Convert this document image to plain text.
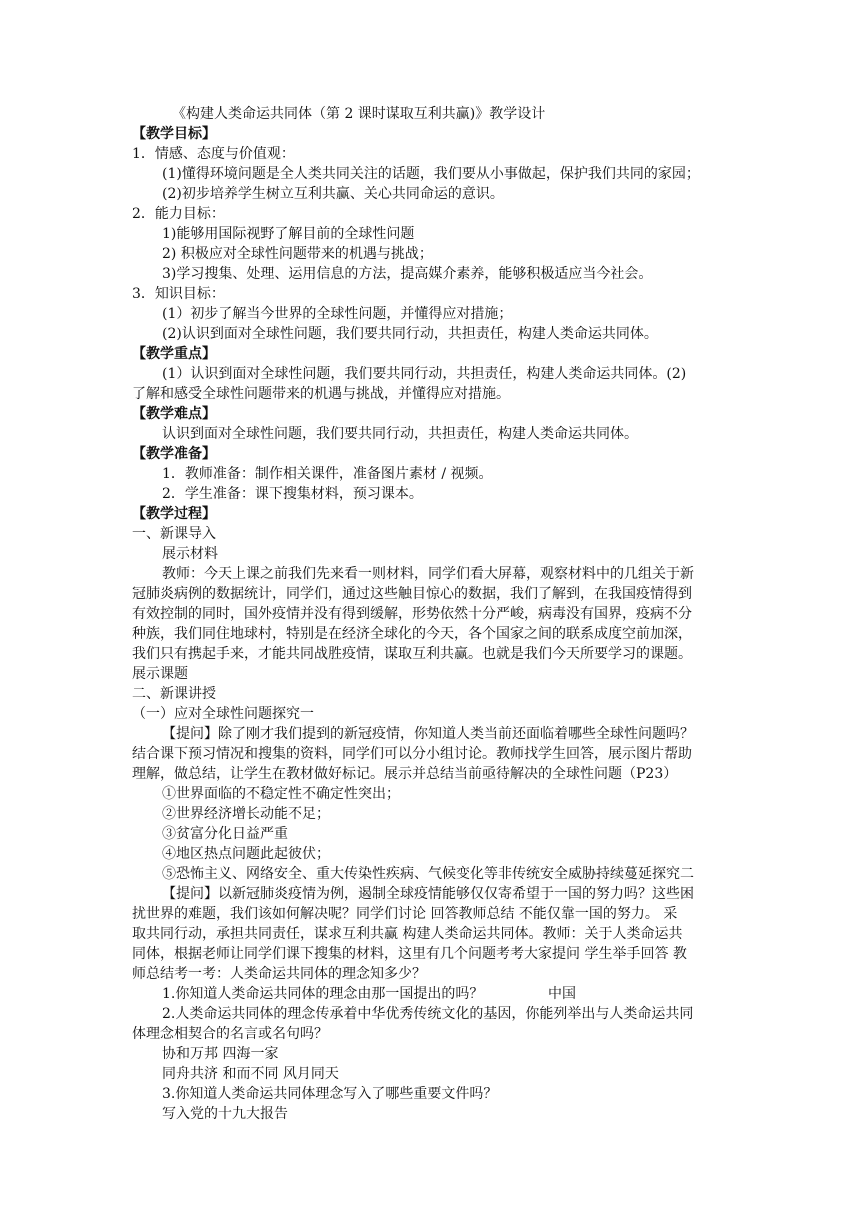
《构建人类命运共同体（第 2 课时谋取互利共赢)》教学设计
【教学目标】
1．情感、态度与价值观：
(1)懂得环境问题是全人类共同关注的话题，我们要从小事做起，保护我们共同的家园；
(2)初步培养学生树立互利共赢、关心共同命运的意识。
2．能力目标：
1)能够用国际视野了解目前的全球性问题
2) 积极应对全球性问题带来的机遇与挑战；
3)学习搜集、处理、运用信息的方法，提高媒介素养，能够积极适应当今社会。
3．知识目标：
(1）初步了解当今世界的全球性问题，并懂得应对措施；
(2)认识到面对全球性问题，我们要共同行动，共担责任，构建人类命运共同体。
【教学重点】
(1）认识到面对全球性问题，我们要共同行动，共担责任，构建人类命运共同体。(2)
了解和感受全球性问题带来的机遇与挑战，并懂得应对措施。
【教学难点】
认识到面对全球性问题，我们要共同行动，共担责任，构建人类命运共同体。
【教学准备】
1．教师准备：制作相关课件，准备图片素材 / 视频。
2．学生准备：课下搜集材料，预习课本。
【教学过程】
一、新课导入
展示材料
教师：今天上课之前我们先来看一则材料，同学们看大屏幕，观察材料中的几组关于新
冠肺炎病例的数据统计，同学们，通过这些触目惊心的数据，我们了解到，在我国疫情得到
有效控制的同时，国外疫情并没有得到缓解，形势依然十分严峻，病毒没有国界，疫病不分
种族，我们同住地球村，特别是在经济全球化的今天，各个国家之间的联系成度空前加深，
我们只有携起手来，才能共同战胜疫情，谋取互利共赢。也就是我们今天所要学习的课题。
展示课题
二、新课讲授
（一）应对全球性问题探究一
【提问】除了刚才我们提到的新冠疫情，你知道人类当前还面临着哪些全球性问题吗？
结合课下预习情况和搜集的资料，同学们可以分小组讨论。教师找学生回答，展示图片帮助
理解，做总结，让学生在教材做好标记。展示并总结当前亟待解决的全球性问题（P23）
①世界面临的不稳定性不确定性突出；
②世界经济增长动能不足；
③贫富分化日益严重
④地区热点问题此起彼伏；
⑤恐怖主义、网络安全、重大传染性疾病、气候变化等非传统安全威胁持续蔓延探究二
【提问】以新冠肺炎疫情为例，遏制全球疫情能够仅仅寄希望于一国的努力吗？这些困
扰世界的难题，我们该如何解决呢？同学们讨论 回答教师总结 不能仅靠一国的努力。 采
取共同行动，承担共同责任，谋求互利共赢 构建人类命运共同体。教师：关于人类命运共
同体，根据老师让同学们课下搜集的材料，这里有几个问题考考大家提问 学生举手回答 教
师总结考一考：人类命运共同体的理念知多少？
1.你知道人类命运共同体的理念由那一国提出的吗？	中国
2.人类命运共同体的理念传承着中华优秀传统文化的基因，你能列举出与人类命运共同
体理念相契合的名言或名句吗？
协和万邦 四海一家
同舟共济 和而不同 风月同天
3.你知道人类命运共同体理念写入了哪些重要文件吗？
写入党的十九大报告
